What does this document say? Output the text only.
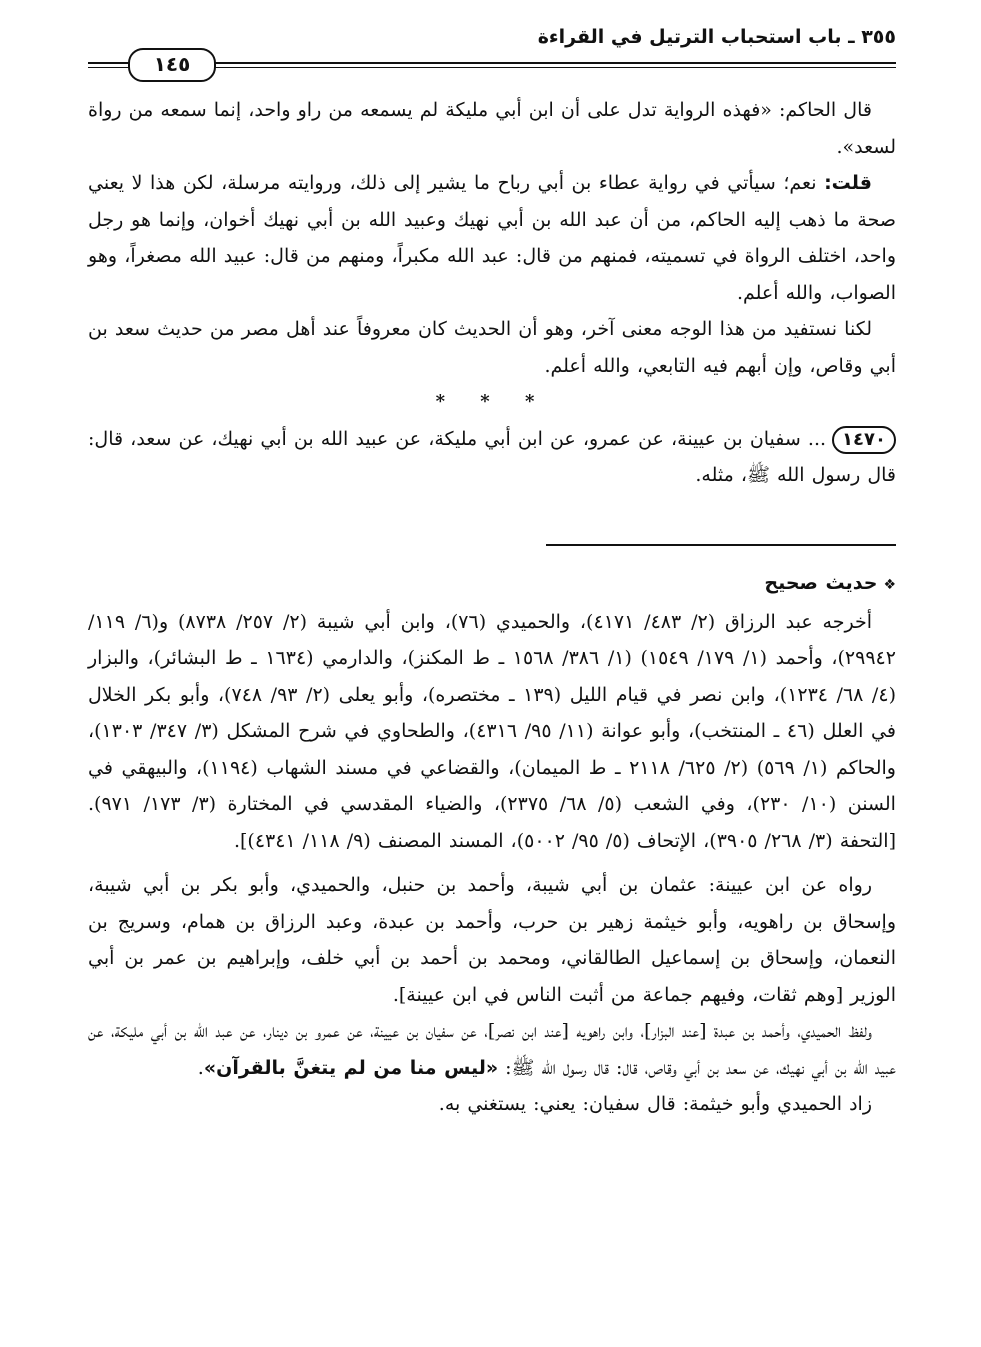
٣٥٥ ـ باب استحباب الترتيل في القراءة
١٤٥

قال الحاكم: «فهذه الرواية تدل على أن ابن أبي مليكة لم يسمعه من راو واحد، إنما سمعه من رواة لسعد».

قلت: نعم؛ سيأتي في رواية عطاء بن أبي رباح ما يشير إلى ذلك، وروايته مرسلة، لكن هذا لا يعني صحة ما ذهب إليه الحاكم، من أن عبد الله بن أبي نهيك وعبيد الله بن أبي نهيك أخوان، وإنما هو رجل واحد، اختلف الرواة في تسميته، فمنهم من قال: عبد الله مكبراً، ومنهم من قال: عبيد الله مصغراً، وهو الصواب، والله أعلم.

لكنا نستفيد من هذا الوجه معنى آخر، وهو أن الحديث كان معروفاً عند أهل مصر من حديث سعد بن أبي وقاص، وإن أبهم فيه التابعي، والله أعلم.

* * *

١٤٧٠... سفيان بن عيينة، عن عمرو، عن ابن أبي مليكة، عن عبيد الله بن أبي نهيك، عن سعد، قال: قال رسول الله ﷺ، مثله.

❖حديث صحيح

أخرجه عبد الرزاق (٢/ ٤٨٣/ ٤١٧١)، والحميدي (٧٦)، وابن أبي شيبة (٢/ ٢٥٧/ ٨٧٣٨) و(٦/ ١١٩/ ٢٩٩٤٢)، وأحمد (١/ ١٧٩/ ١٥٤٩) (١/ ٣٨٦/ ١٥٦٨ ـ ط المكنز)، والدارمي (١٦٣٤ ـ ط البشائر)، والبزار (٤/ ٦٨/ ١٢٣٤)، وابن نصر في قيام الليل (١٣٩ ـ مختصره)، وأبو يعلى (٢/ ٩٣/ ٧٤٨)، وأبو بكر الخلال في العلل (٤٦ ـ المنتخب)، وأبو عوانة (١١/ ٩٥/ ٤٣١٦)، والطحاوي في شرح المشكل (٣/ ٣٤٧/ ١٣٠٣)، والحاكم (١/ ٥٦٩) (٢/ ٦٢٥/ ٢١١٨ ـ ط الميمان)، والقضاعي في مسند الشهاب (١١٩٤)، والبيهقي في السنن (١٠/ ٢٣٠)، وفي الشعب (٥/ ٦٨/ ٢٣٧٥)، والضياء المقدسي في المختارة (٣/ ١٧٣/ ٩٧١). [التحفة (٣/ ٢٦٨/ ٣٩٠٥)، الإتحاف (٥/ ٩٥/ ٥٠٠٢)، المسند المصنف (٩/ ١١٨/ ٤٣٤١)].

رواه عن ابن عيينة: عثمان بن أبي شيبة، وأحمد بن حنبل، والحميدي، وأبو بكر بن أبي شيبة، وإسحاق بن راهويه، وأبو خيثمة زهير بن حرب، وأحمد بن عبدة، وعبد الرزاق بن همام، وسريج بن النعمان، وإسحاق بن إسماعيل الطالقاني، ومحمد بن أحمد بن أبي خلف، وإبراهيم بن عمر بن أبي الوزير [وهم ثقات، وفيهم جماعة من أثبت الناس في ابن عيينة].

ولفظ الحميدي، وأحمد بن عبدة [عند البزار]، وابن راهويه [عند ابن نصر]، عن سفيان بن عيينة، عن عمرو بن دينار، عن عبد الله بن أبي مليكة، عن عبيد الله بن أبي نهيك، عن سعد بن أبي وقاص، قال: قال رسول الله ﷺ: «ليس منا من لم يتغنَّ بالقرآن».

زاد الحميدي وأبو خيثمة: قال سفيان: يعني: يستغني به.
